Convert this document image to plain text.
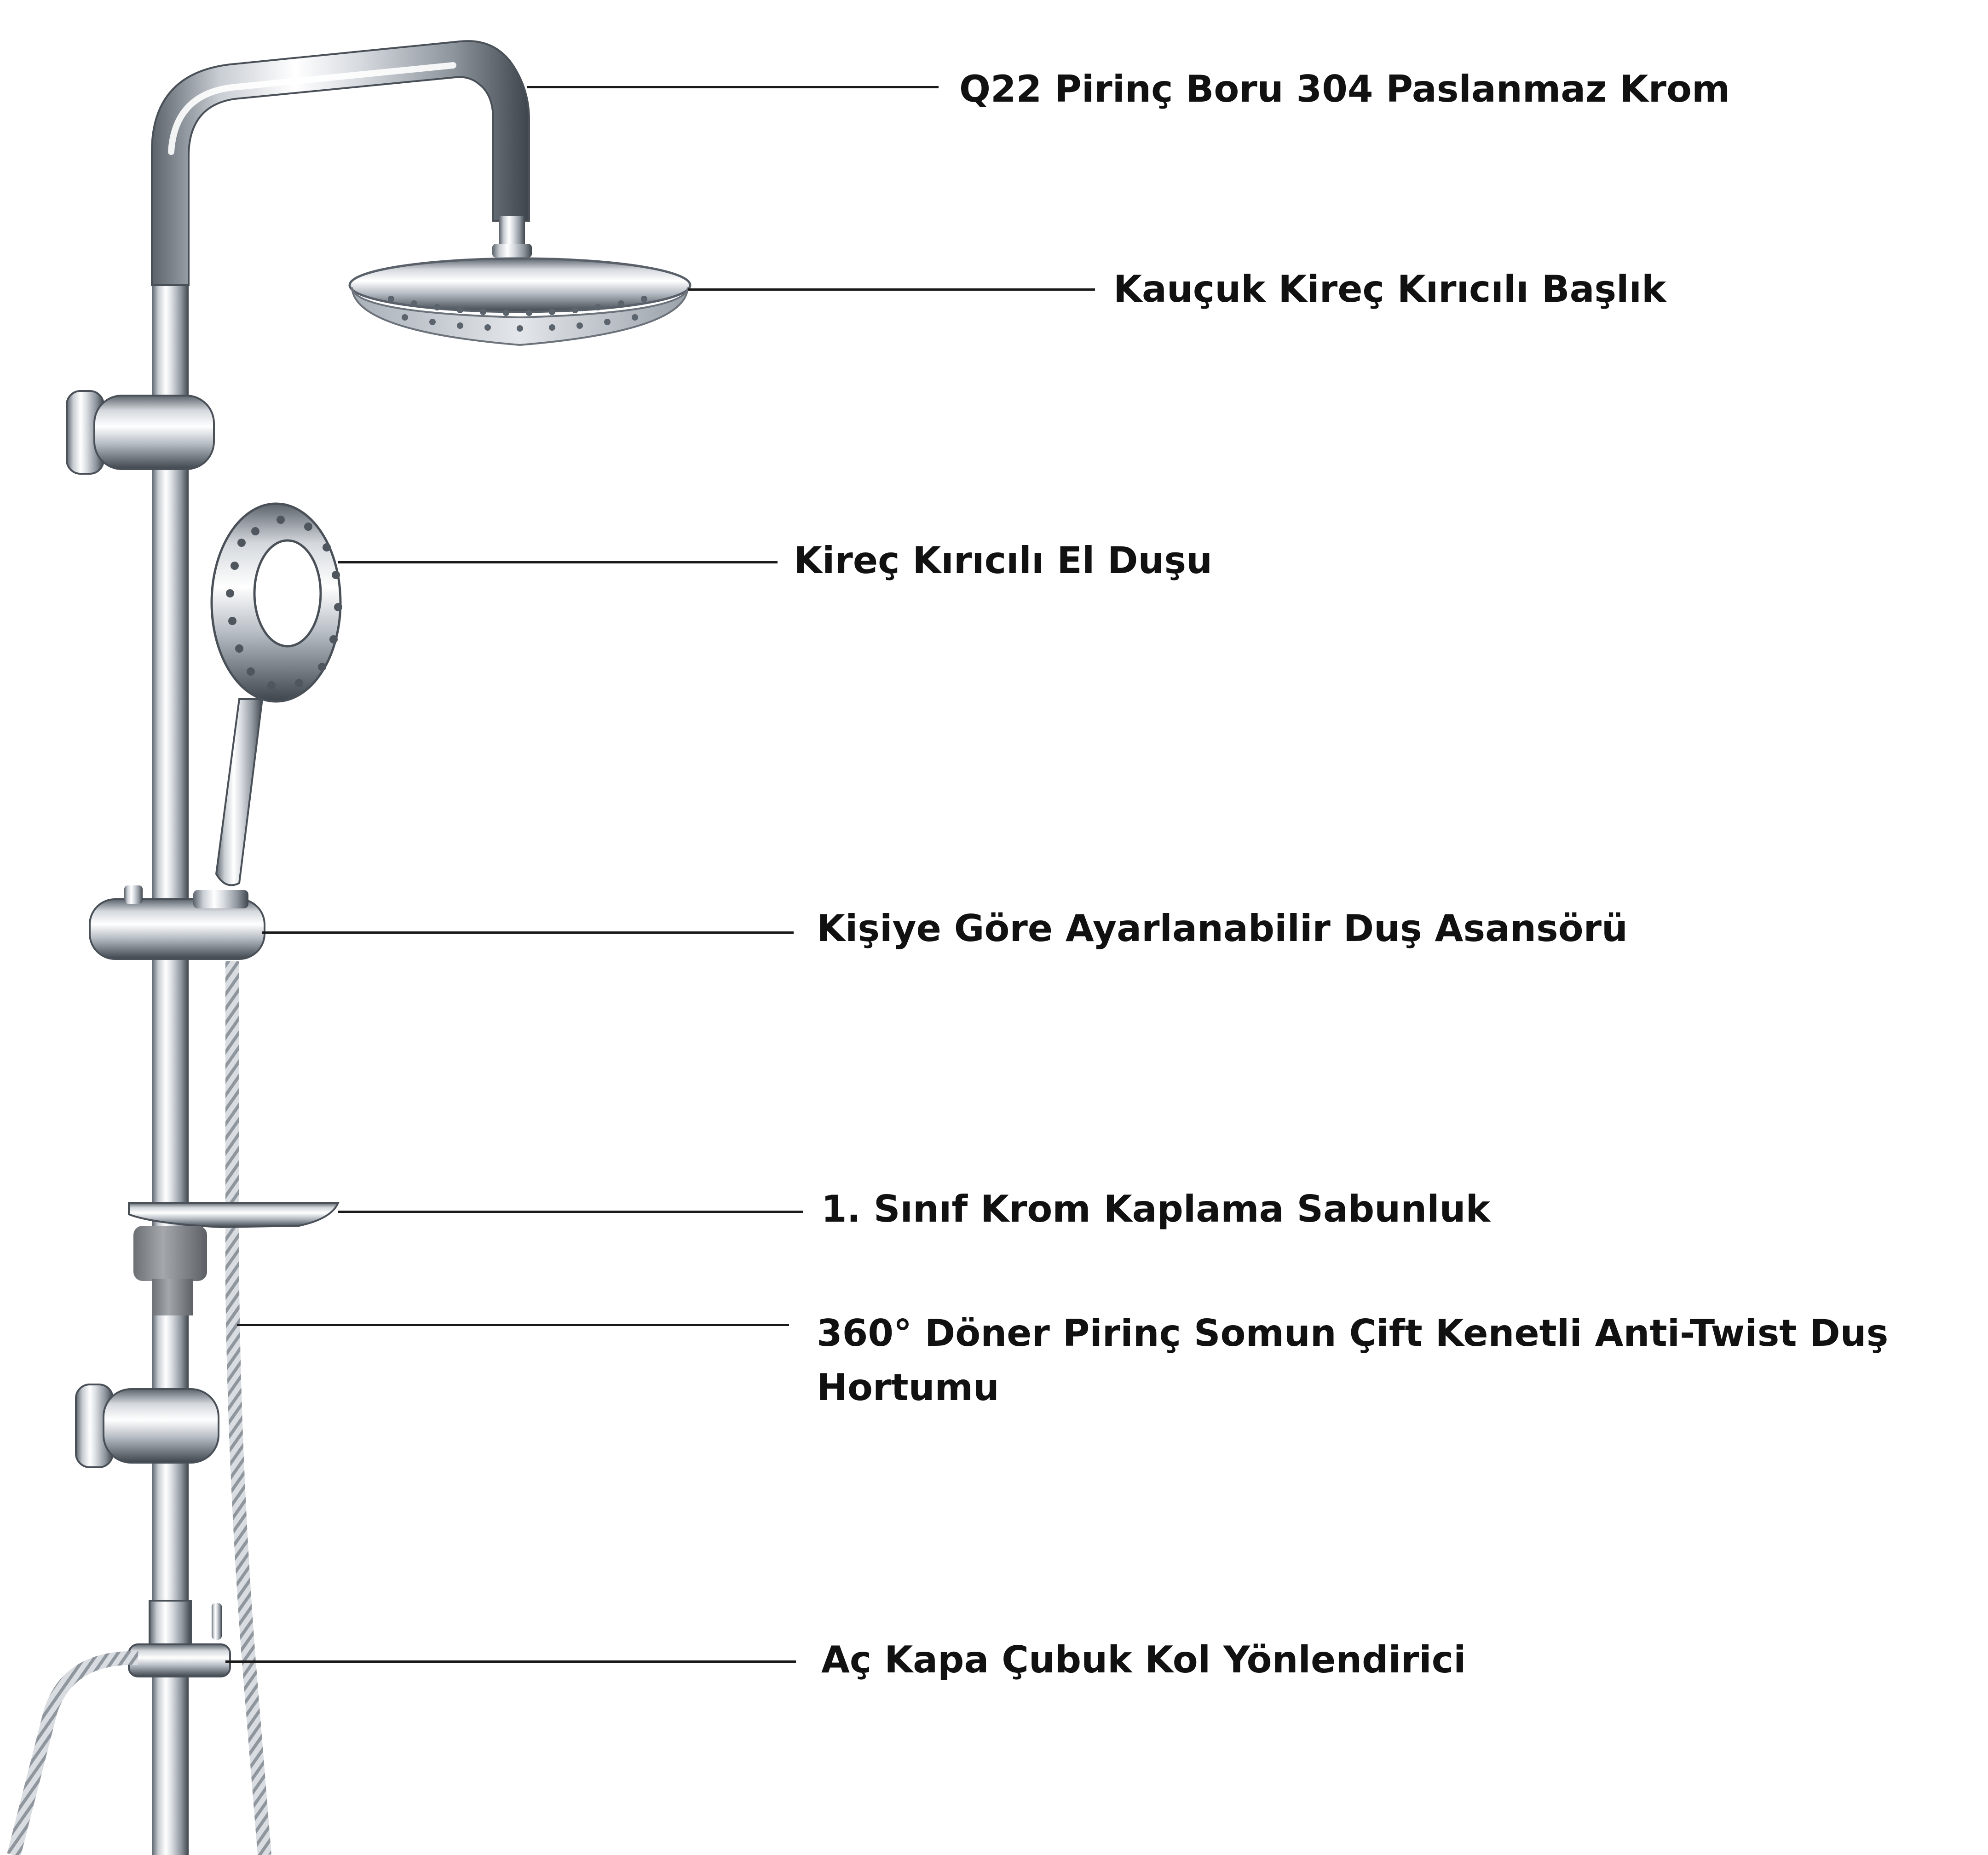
Q22 Pirinç Boru 304 Paslanmaz Krom
Kauçuk Kireç Kırıcılı Başlık
Kireç Kırıcılı El Duşu
Kişiye Göre Ayarlanabilir Duş Asansörü
1. Sınıf Krom Kaplama Sabunluk
360° Döner Pirinç Somun Çift Kenetli Anti-Twist Duş Hortumu
Aç Kapa Çubuk Kol Yönlendirici
